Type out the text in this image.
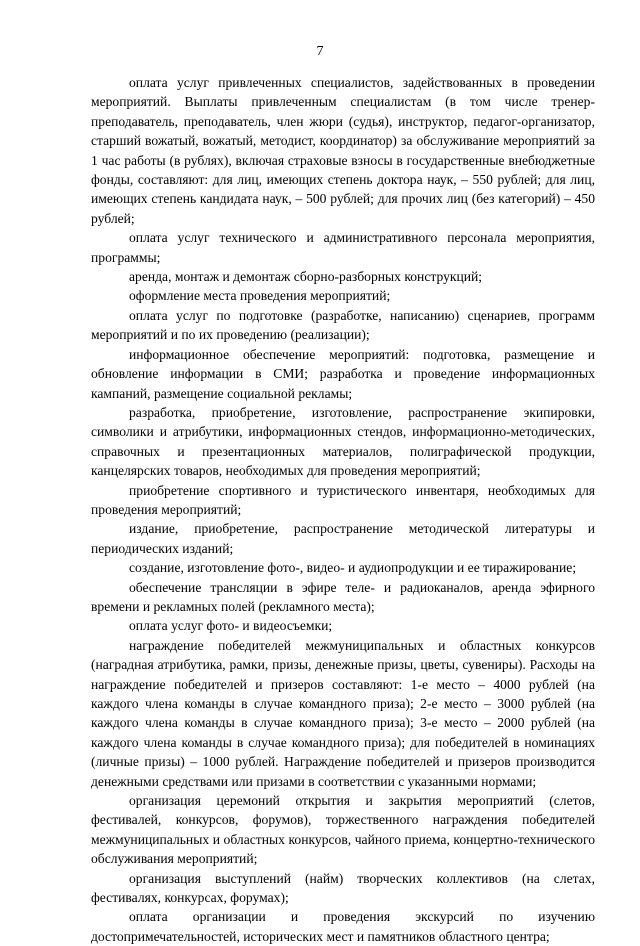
7

оплата услуг привлеченных специалистов, задействованных в проведении мероприятий. Выплаты привлеченным специалистам (в том числе тренер-преподаватель, преподаватель, член жюри (судья), инструктор, педагог-организатор, старший вожатый, вожатый, методист, координатор) за обслуживание мероприятий за 1 час работы (в рублях), включая страховые взносы в государственные внебюджетные фонды, составляют: для лиц, имеющих степень доктора наук, – 550 рублей; для лиц, имеющих степень кандидата наук, – 500 рублей; для прочих лиц (без категорий) – 450 рублей;

оплата услуг технического и административного персонала мероприятия, программы;

аренда, монтаж и демонтаж сборно-разборных конструкций;

оформление места проведения мероприятий;

оплата услуг по подготовке (разработке, написанию) сценариев, программ мероприятий и по их проведению (реализации);

информационное обеспечение мероприятий: подготовка, размещение и обновление информации в СМИ; разработка и проведение информационных кампаний, размещение социальной рекламы;

разработка, приобретение, изготовление, распространение экипировки, символики и атрибутики, информационных стендов, информационно-методических, справочных и презентационных материалов, полиграфической продукции, канцелярских товаров, необходимых для проведения мероприятий;

приобретение спортивного и туристического инвентаря, необходимых для проведения мероприятий;

издание, приобретение, распространение методической литературы и периодических изданий;

создание, изготовление фото-, видео- и аудиопродукции и ее тиражирование;

обеспечение трансляции в эфире теле- и радиоканалов, аренда эфирного времени и рекламных полей (рекламного места);

оплата услуг фото- и видеосъемки;

награждение победителей межмуниципальных и областных конкурсов (наградная атрибутика, рамки, призы, денежные призы, цветы, сувениры). Расходы на награждение победителей и призеров составляют: 1-е место – 4000 рублей (на каждого члена команды в случае командного приза); 2-е место – 3000 рублей (на каждого члена команды в случае командного приза); 3-е место – 2000 рублей (на каждого члена команды в случае командного приза); для победителей в номинациях (личные призы) – 1000 рублей. Награждение победителей и призеров производится денежными средствами или призами в соответствии с указанными нормами;

организация церемоний открытия и закрытия мероприятий (слетов, фестивалей, конкурсов, форумов), торжественного награждения победителей межмуниципальных и областных конкурсов, чайного приема, концертно-технического обслуживания мероприятий;

организация выступлений (найм) творческих коллективов (на слетах, фестивалях, конкурсах, форумах);

оплата организации и проведения экскурсий по изучению достопримечательностей, исторических мест и памятников областного центра;
